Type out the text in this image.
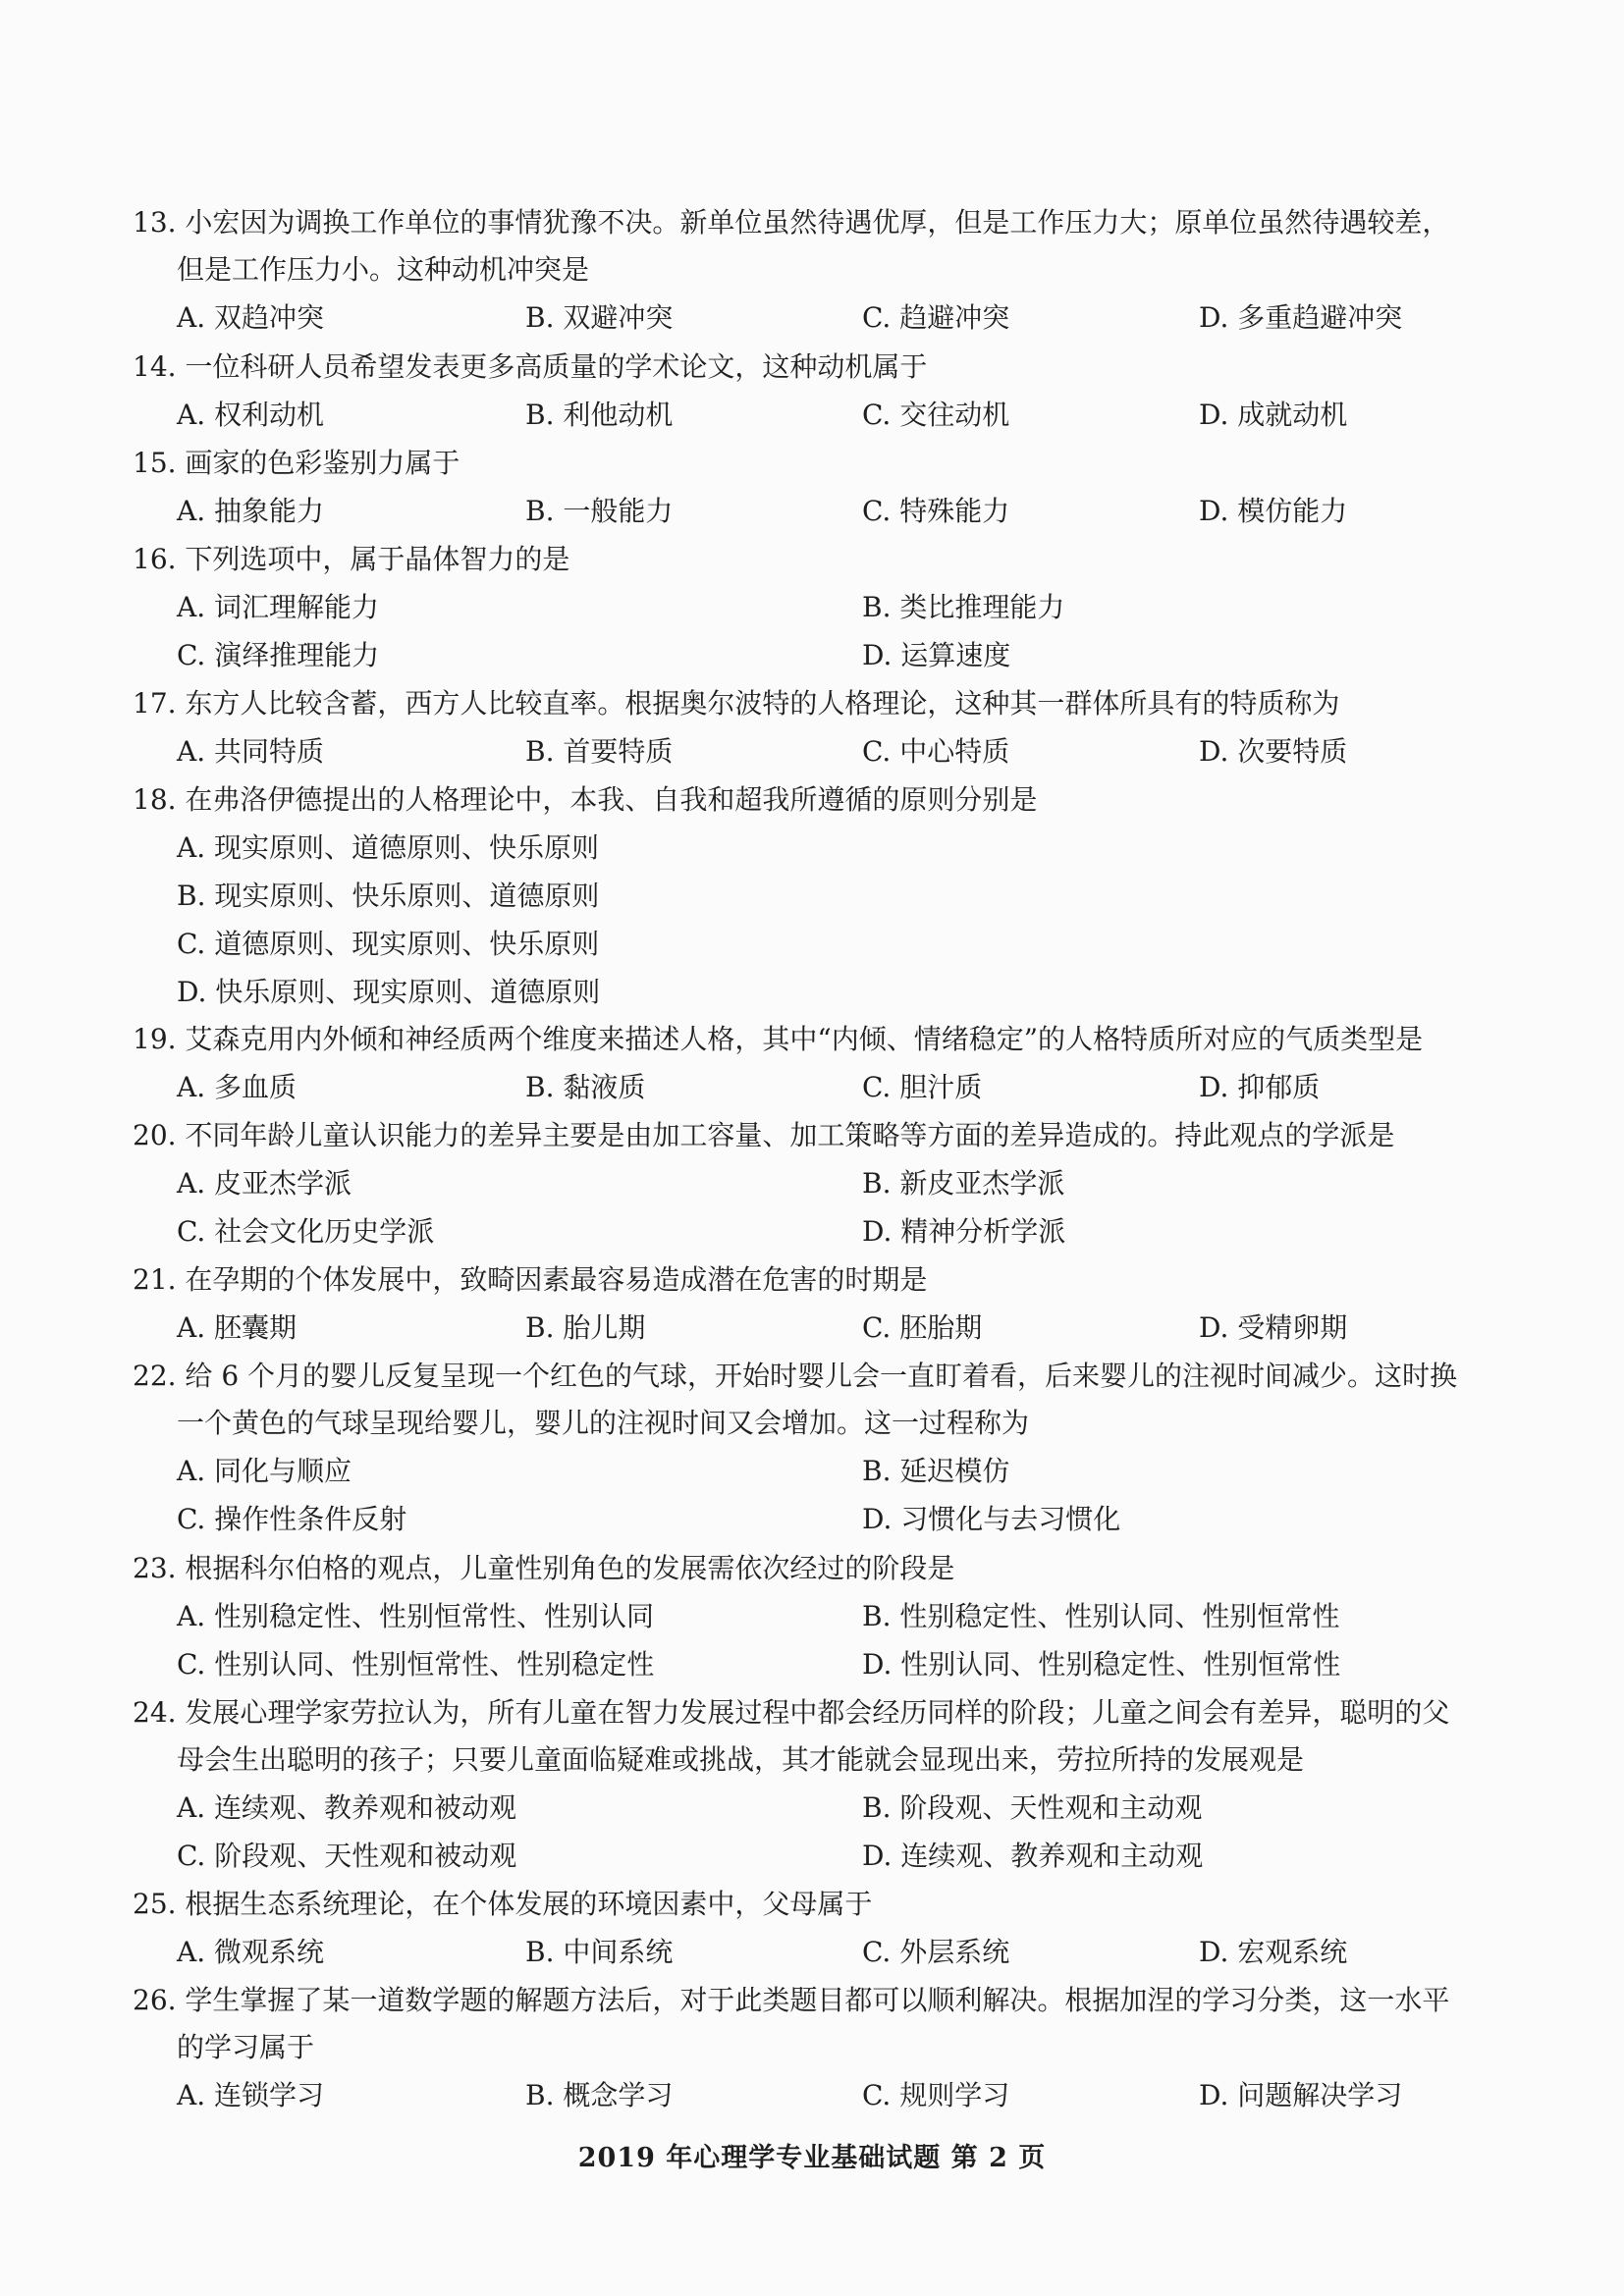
13. 小宏因为调换工作单位的事情犹豫不决。新单位虽然待遇优厚，但是工作压力大；原单位虽然待遇较差，
但是工作压力小。这种动机冲突是
A. 双趋冲突	B. 双避冲突	C. 趋避冲突	D. 多重趋避冲突
14. 一位科研人员希望发表更多高质量的学术论文，这种动机属于
A. 权利动机	B. 利他动机	C. 交往动机	D. 成就动机
15. 画家的色彩鉴别力属于
A. 抽象能力	B. 一般能力	C. 特殊能力	D. 模仿能力
16. 下列选项中，属于晶体智力的是
A. 词汇理解能力	B. 类比推理能力
C. 演绎推理能力	D. 运算速度
17. 东方人比较含蓄，西方人比较直率。根据奥尔波特的人格理论，这种其一群体所具有的特质称为
A. 共同特质	B. 首要特质	C. 中心特质	D. 次要特质
18. 在弗洛伊德提出的人格理论中，本我、自我和超我所遵循的原则分别是
A. 现实原则、道德原则、快乐原则
B. 现实原则、快乐原则、道德原则
C. 道德原则、现实原则、快乐原则
D. 快乐原则、现实原则、道德原则
19. 艾森克用内外倾和神经质两个维度来描述人格，其中“内倾、情绪稳定”的人格特质所对应的气质类型是
A. 多血质	B. 黏液质	C. 胆汁质	D. 抑郁质
20. 不同年龄儿童认识能力的差异主要是由加工容量、加工策略等方面的差异造成的。持此观点的学派是
A. 皮亚杰学派	B. 新皮亚杰学派
C. 社会文化历史学派	D. 精神分析学派
21. 在孕期的个体发展中，致畸因素最容易造成潜在危害的时期是
A. 胚囊期	B. 胎儿期	C. 胚胎期	D. 受精卵期
22. 给 6 个月的婴儿反复呈现一个红色的气球，开始时婴儿会一直盯着看，后来婴儿的注视时间减少。这时换
一个黄色的气球呈现给婴儿，婴儿的注视时间又会增加。这一过程称为
A. 同化与顺应	B. 延迟模仿
C. 操作性条件反射	D. 习惯化与去习惯化
23. 根据科尔伯格的观点，儿童性别角色的发展需依次经过的阶段是
A. 性别稳定性、性别恒常性、性别认同	B. 性别稳定性、性别认同、性别恒常性
C. 性别认同、性别恒常性、性别稳定性	D. 性别认同、性别稳定性、性别恒常性
24. 发展心理学家劳拉认为，所有儿童在智力发展过程中都会经历同样的阶段；儿童之间会有差异，聪明的父
母会生出聪明的孩子；只要儿童面临疑难或挑战，其才能就会显现出来，劳拉所持的发展观是
A. 连续观、教养观和被动观	B. 阶段观、天性观和主动观
C. 阶段观、天性观和被动观	D. 连续观、教养观和主动观
25. 根据生态系统理论，在个体发展的环境因素中，父母属于
A. 微观系统	B. 中间系统	C. 外层系统	D. 宏观系统
26. 学生掌握了某一道数学题的解题方法后，对于此类题目都可以顺利解决。根据加涅的学习分类，这一水平
的学习属于
A. 连锁学习	B. 概念学习	C. 规则学习	D. 问题解决学习
2019 年心理学专业基础试题 第 2 页
